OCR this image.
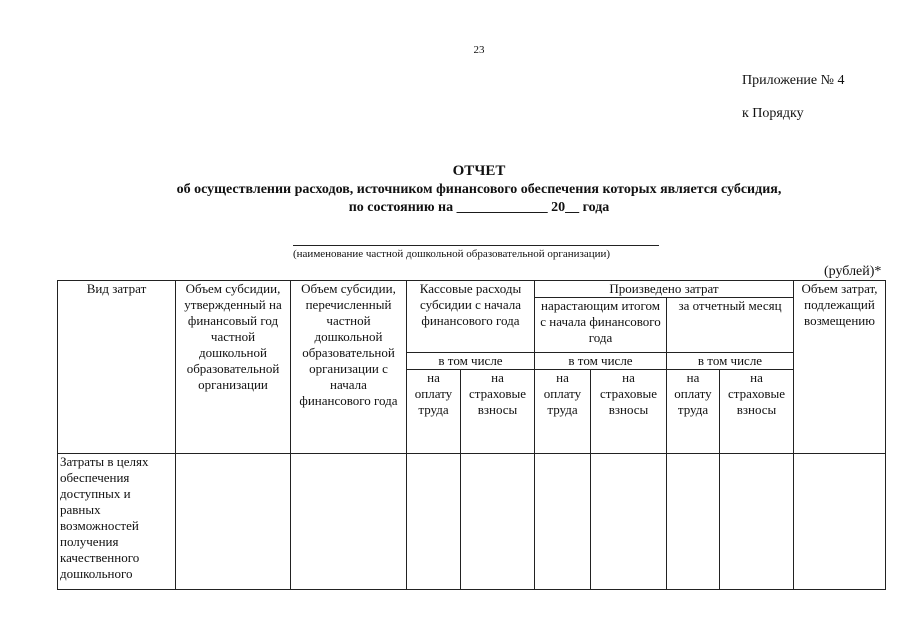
23
Приложение № 4
к Порядку
ОТЧЕТ
об осуществлении расходов, источником финансового обеспечения которых является субсидия,
по состоянию на _____________ 20__ года
(наименование частной дошкольной образовательной организации)
(рублей)*
Вид затрат	Объем субсидии, утвержденный на финансовый год частной дошкольной образовательной организации	Объем субсидии, перечисленный частной дошкольной образовательной организации с начала финансового года	Кассовые расходы субсидии с начала финансового года		Произведено затрат				Объем затрат, подлежащий возмещению
					нарастающим итогом с начала финансового года		за отчетный месяц		
			в том числе		в том числе		в том числе		
			на оплату труда	на страховые взносы	на оплату труда	на страховые взносы	на оплату труда	на страховые взносы	
Затраты в целях обеспечения доступных и равных возможностей получения качественного дошкольного									
